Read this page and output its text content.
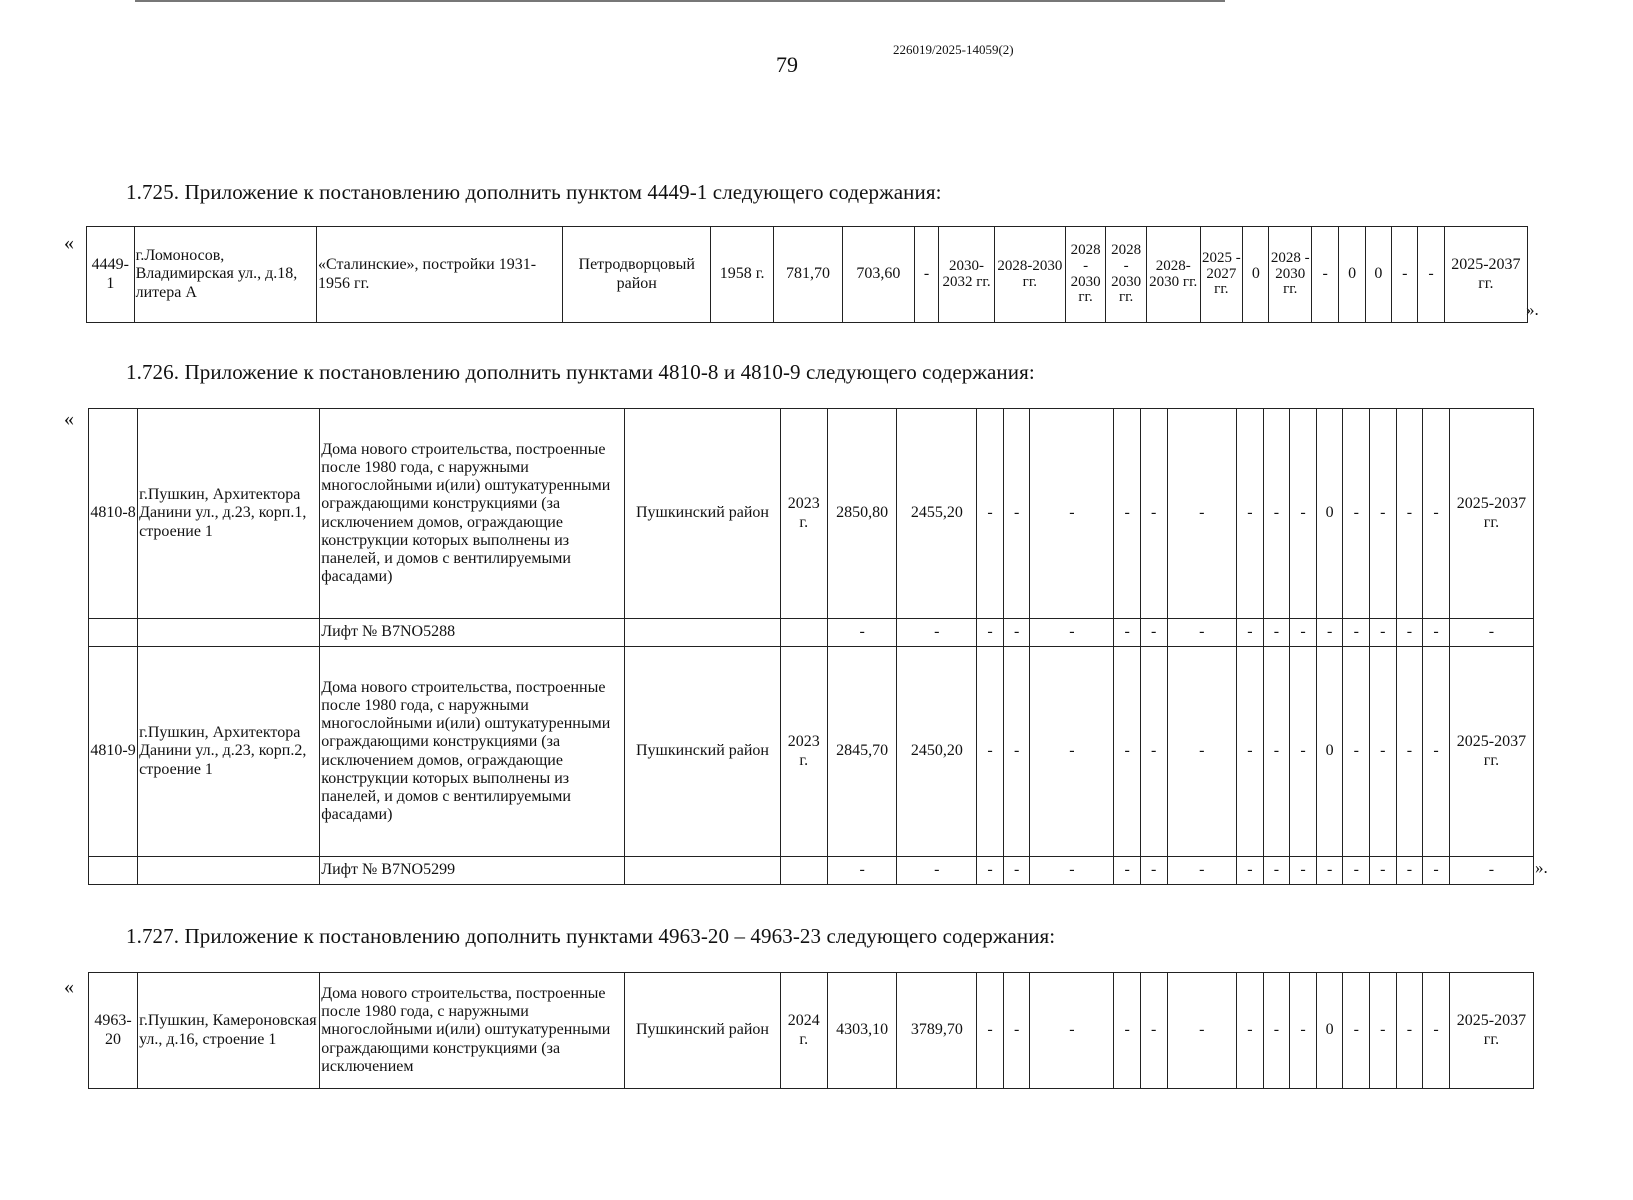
79
226019/2025-14059(2)
1.725. Приложение к постановлению дополнить пунктом 4449-1 следующего содержания:
«
».
4449-1	г.Ломоносов, Владимирская ул., д.18, литера А	«Сталинские», постройки 1931-1956 гг.	Петродворцовый район	1958 г.	781,70	703,60	-	2030-2032 гг.	2028-2030 гг.	2028 - 2030 гг.	2028 - 2030 гг.	2028-2030 гг.	2025 - 2027 гг.	0	2028 - 2030 гг.	-	0	0	-	-	2025-2037 гг.
1.726. Приложение к постановлению дополнить пунктами 4810-8 и 4810-9 следующего содержания:
«
».
4810-8	г.Пушкин, Архитектора Данини ул., д.23, корп.1, строение 1	Дома нового строительства, построенные после 1980 года, с наружными многослойными и(или) оштукатуренными ограждающими конструкциями (за исключением домов, ограждающие конструкции которых выполнены из панелей, и домов с вентилируемыми фасадами)	Пушкинский район	2023 г.	2850,80	2455,20	-	-	-	-	-	-	-	-	-	0	-	-	-	-	2025-2037 гг.
		Лифт № В7NO5288			-	-	-	-	-	-	-	-	-	-	-	-	-	-	-	-	-
4810-9	г.Пушкин, Архитектора Данини ул., д.23, корп.2, строение 1	Дома нового строительства, построенные после 1980 года, с наружными многослойными и(или) оштукатуренными ограждающими конструкциями (за исключением домов, ограждающие конструкции которых выполнены из панелей, и домов с вентилируемыми фасадами)	Пушкинский район	2023 г.	2845,70	2450,20	-	-	-	-	-	-	-	-	-	0	-	-	-	-	2025-2037 гг.
		Лифт № В7NO5299			-	-	-	-	-	-	-	-	-	-	-	-	-	-	-	-	-
1.727. Приложение к постановлению дополнить пунктами 4963-20 – 4963-23 следующего содержания:
«
4963-20	г.Пушкин, Камероновская ул., д.16, строение 1	Дома нового строительства, построенные после 1980 года, с наружными многослойными и(или) оштукатуренными ограждающими конструкциями (за исключением	Пушкинский район	2024 г.	4303,10	3789,70	-	-	-	-	-	-	-	-	-	0	-	-	-	-	2025-2037 гг.
